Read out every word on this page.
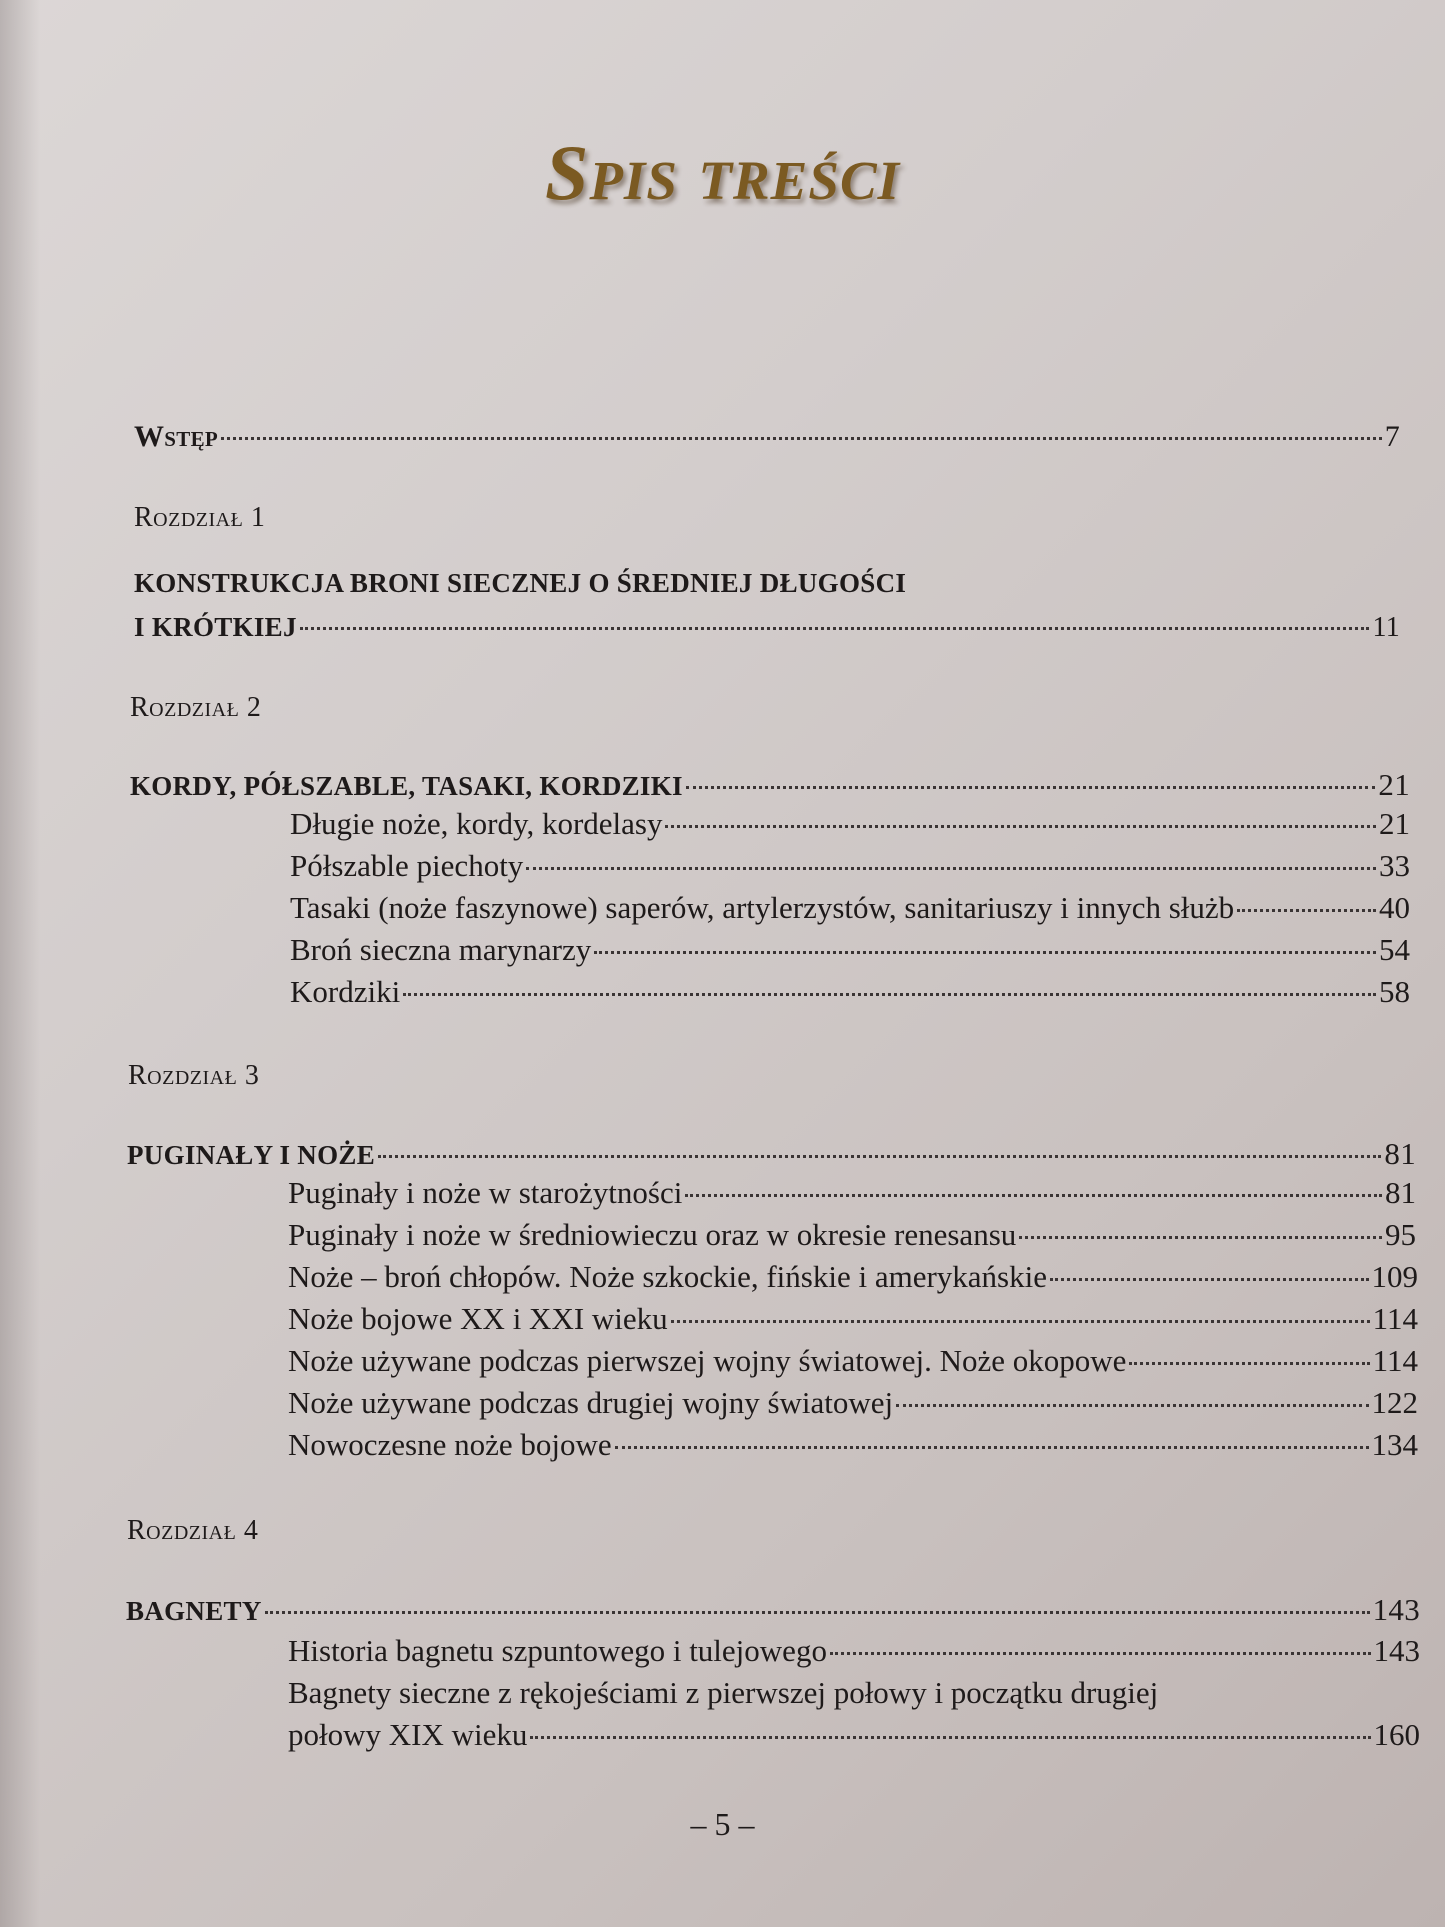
Spis treści
Wstęp	7
Rozdział 1
KONSTRUKCJA BRONI SIECZNEJ O ŚREDNIEJ DŁUGOŚCI
I KRÓTKIEJ	11
Rozdział 2
KORDY, PÓŁSZABLE, TASAKI, KORDZIKI	21
Długie noże, kordy, kordelasy	21
Półszable piechoty	33
Tasaki (noże faszynowe) saperów, artylerzystów, sanitariuszy i innych służb	40
Broń sieczna marynarzy	54
Kordziki	58
Rozdział 3
PUGINAŁY I NOŻE	81
Puginały i noże w starożytności	81
Puginały i noże w średniowieczu oraz w okresie renesansu	95
Noże – broń chłopów. Noże szkockie, fińskie i amerykańskie	109
Noże bojowe XX i XXI wieku	114
Noże używane podczas pierwszej wojny światowej. Noże okopowe	114
Noże używane podczas drugiej wojny światowej	122
Nowoczesne noże bojowe	134
Rozdział 4
BAGNETY	143
Historia bagnetu szpuntowego i tulejowego	143
Bagnety sieczne z rękojeściami z pierwszej połowy i początku drugiej
połowy XIX wieku	160
– 5 –
